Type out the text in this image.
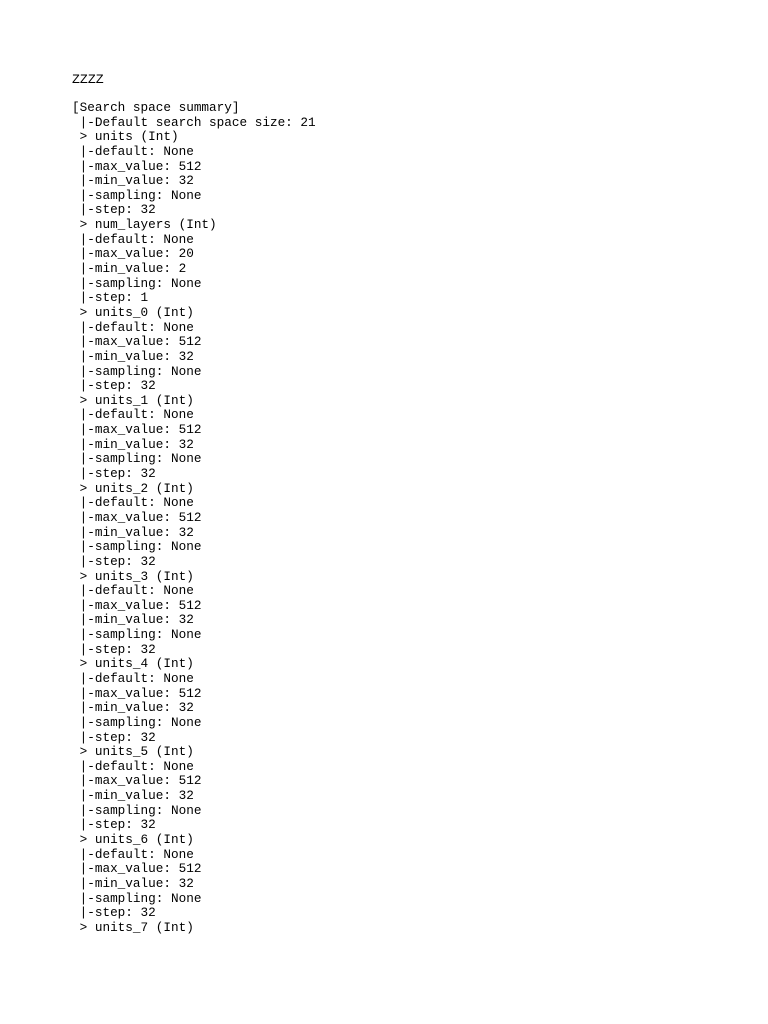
ZZZZ
[Search space summary]
|-Default search space size: 21
> units (Int)
|-default: None
|-max_value: 512
|-min_value: 32
|-sampling: None
|-step: 32
> num_layers (Int)
|-default: None
|-max_value: 20
|-min_value: 2
|-sampling: None
|-step: 1
> units_0 (Int)
|-default: None
|-max_value: 512
|-min_value: 32
|-sampling: None
|-step: 32
> units_1 (Int)
|-default: None
|-max_value: 512
|-min_value: 32
|-sampling: None
|-step: 32
> units_2 (Int)
|-default: None
|-max_value: 512
|-min_value: 32
|-sampling: None
|-step: 32
> units_3 (Int)
|-default: None
|-max_value: 512
|-min_value: 32
|-sampling: None
|-step: 32
> units_4 (Int)
|-default: None
|-max_value: 512
|-min_value: 32
|-sampling: None
|-step: 32
> units_5 (Int)
|-default: None
|-max_value: 512
|-min_value: 32
|-sampling: None
|-step: 32
> units_6 (Int)
|-default: None
|-max_value: 512
|-min_value: 32
|-sampling: None
|-step: 32
> units_7 (Int)
